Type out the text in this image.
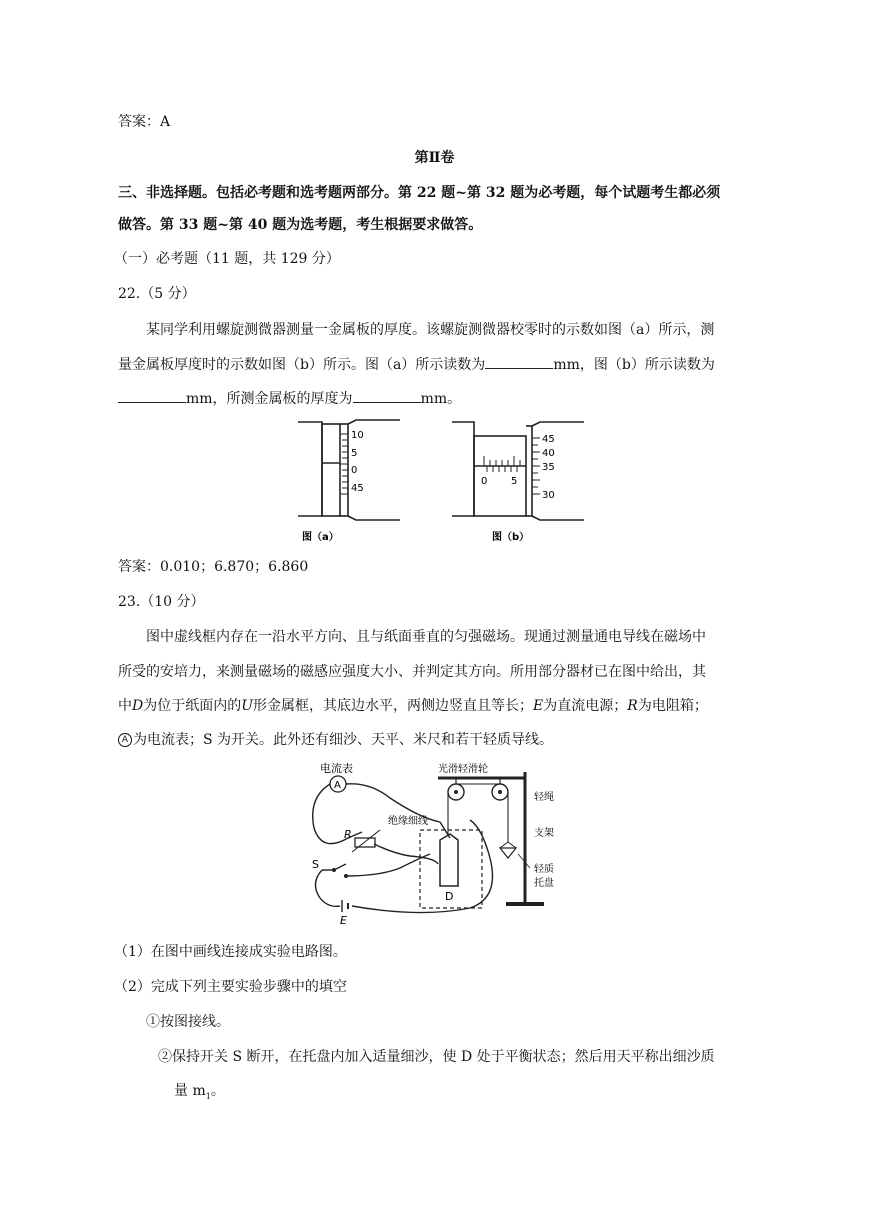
答案：A
第Ⅱ卷
三、非选择题。包括必考题和选考题两部分。第 22 题~第 32 题为必考题，每个试题考生都必须
做答。第 33 题~第 40 题为选考题，考生根据要求做答。
（一）必考题（11 题，共 129 分）
22.（5 分）
某同学利用螺旋测微器测量一金属板的厚度。该螺旋测微器校零时的示数如图（a）所示，测
量金属板厚度时的示数如图（b）所示。图（a）所示读数为	mm，图（b）所示读数为
mm，所测金属板的厚度为	mm。
10
5
0
45
图（a）
45
40
35
30
0 5
图（b）
答案：0.010；6.870；6.860
23.（10 分）
图中虚线框内存在一沿水平方向、且与纸面垂直的匀强磁场。现通过测量通电导线在磁场中
所受的安培力，来测量磁场的磁感应强度大小、并判定其方向。所用部分器材已在图中给出，其
中D为位于纸面内的U形金属框，其底边水平，两侧边竖直且等长；E为直流电源；R为电阻箱；
A 为电流表；S 为开关。此外还有细沙、天平、米尺和若干轻质导线。
电流表
A
R
S
E
D
绝缘细线
光滑轻滑轮
轻绳
支架
轻质
托盘
（1）在图中画线连接成实验电路图。
（2）完成下列主要实验步骤中的填空
①按图接线。
②保持开关 S 断开，在托盘内加入适量细沙，使 D 处于平衡状态；然后用天平称出细沙质
量 $m_1$。
